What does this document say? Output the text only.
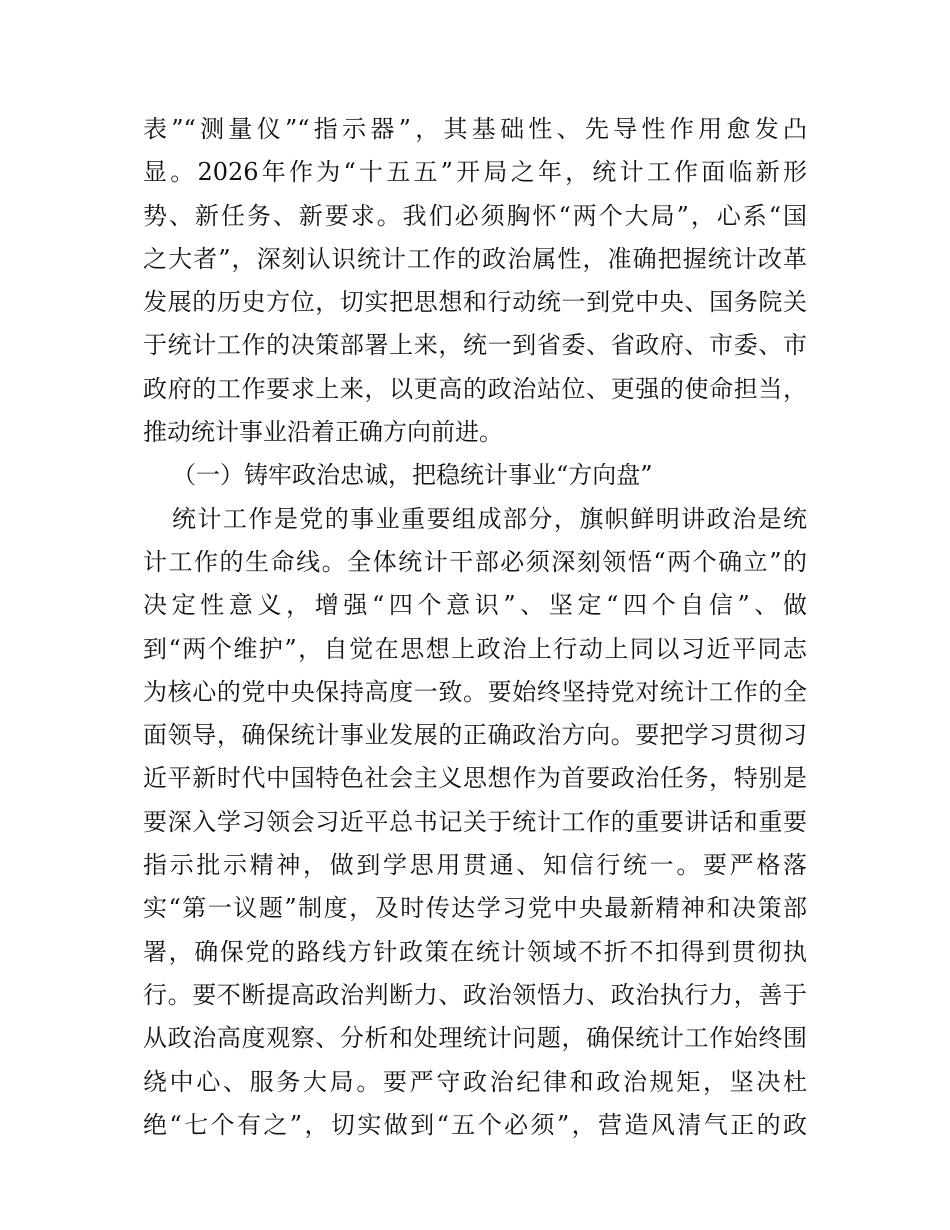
表”“测量仪”“指示器”，其基础性、先导性作用愈发凸
显。2026年作为“十五五”开局之年，统计工作面临新形
势、新任务、新要求。我们必须胸怀“两个大局”，心系“国
之大者”，深刻认识统计工作的政治属性，准确把握统计改革
发展的历史方位，切实把思想和行动统一到党中央、国务院关
于统计工作的决策部署上来，统一到省委、省政府、市委、市
政府的工作要求上来，以更高的政治站位、更强的使命担当，
推动统计事业沿着正确方向前进。
（一）铸牢政治忠诚，把稳统计事业“方向盘”
统计工作是党的事业重要组成部分，旗帜鲜明讲政治是统
计工作的生命线。全体统计干部必须深刻领悟“两个确立”的
决定性意义，增强“四个意识”、坚定“四个自信”、做
到“两个维护”，自觉在思想上政治上行动上同以习近平同志
为核心的党中央保持高度一致。要始终坚持党对统计工作的全
面领导，确保统计事业发展的正确政治方向。要把学习贯彻习
近平新时代中国特色社会主义思想作为首要政治任务，特别是
要深入学习领会习近平总书记关于统计工作的重要讲话和重要
指示批示精神，做到学思用贯通、知信行统一。要严格落
实“第一议题”制度，及时传达学习党中央最新精神和决策部
署，确保党的路线方针政策在统计领域不折不扣得到贯彻执
行。要不断提高政治判断力、政治领悟力、政治执行力，善于
从政治高度观察、分析和处理统计问题，确保统计工作始终围
绕中心、服务大局。要严守政治纪律和政治规矩，坚决杜
绝“七个有之”，切实做到“五个必须”，营造风清气正的政
